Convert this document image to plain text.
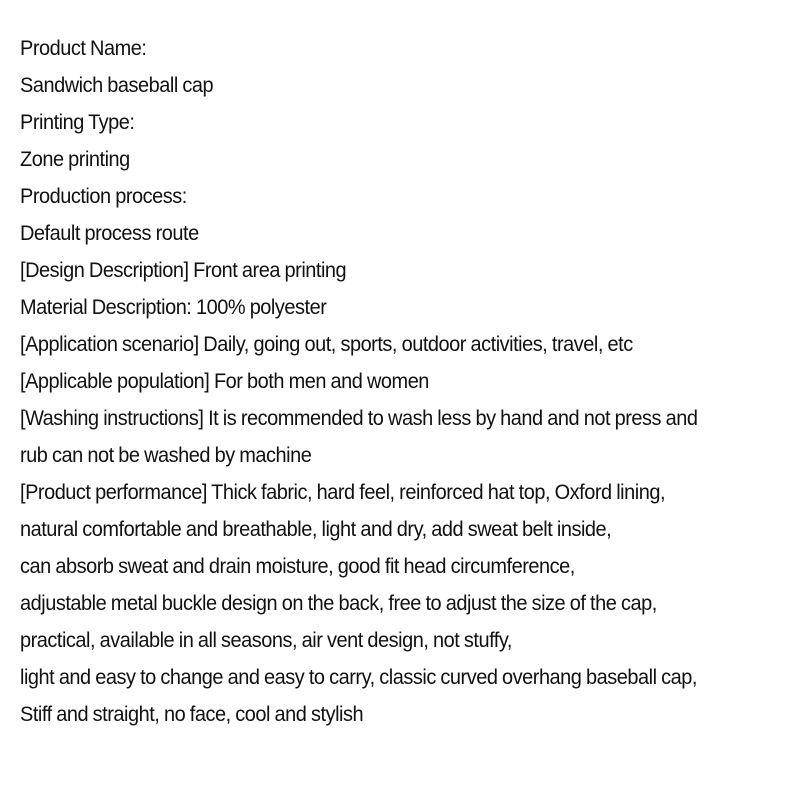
Product Name:
Sandwich baseball cap
Printing Type:
Zone printing
Production process:
Default process route
[Design Description] Front area printing
Material Description: 100% polyester
[Application scenario] Daily, going out, sports, outdoor activities, travel, etc
[Applicable population] For both men and women
[Washing instructions] It is recommended to wash less by hand and not press and
rub can not be washed by machine
[Product performance] Thick fabric, hard feel, reinforced hat top, Oxford lining,
natural comfortable and breathable, light and dry, add sweat belt inside,
can absorb sweat and drain moisture, good fit head circumference,
adjustable metal buckle design on the back, free to adjust the size of the cap,
practical, available in all seasons, air vent design, not stuffy,
light and easy to change and easy to carry, classic curved overhang baseball cap,
Stiff and straight, no face, cool and stylish
